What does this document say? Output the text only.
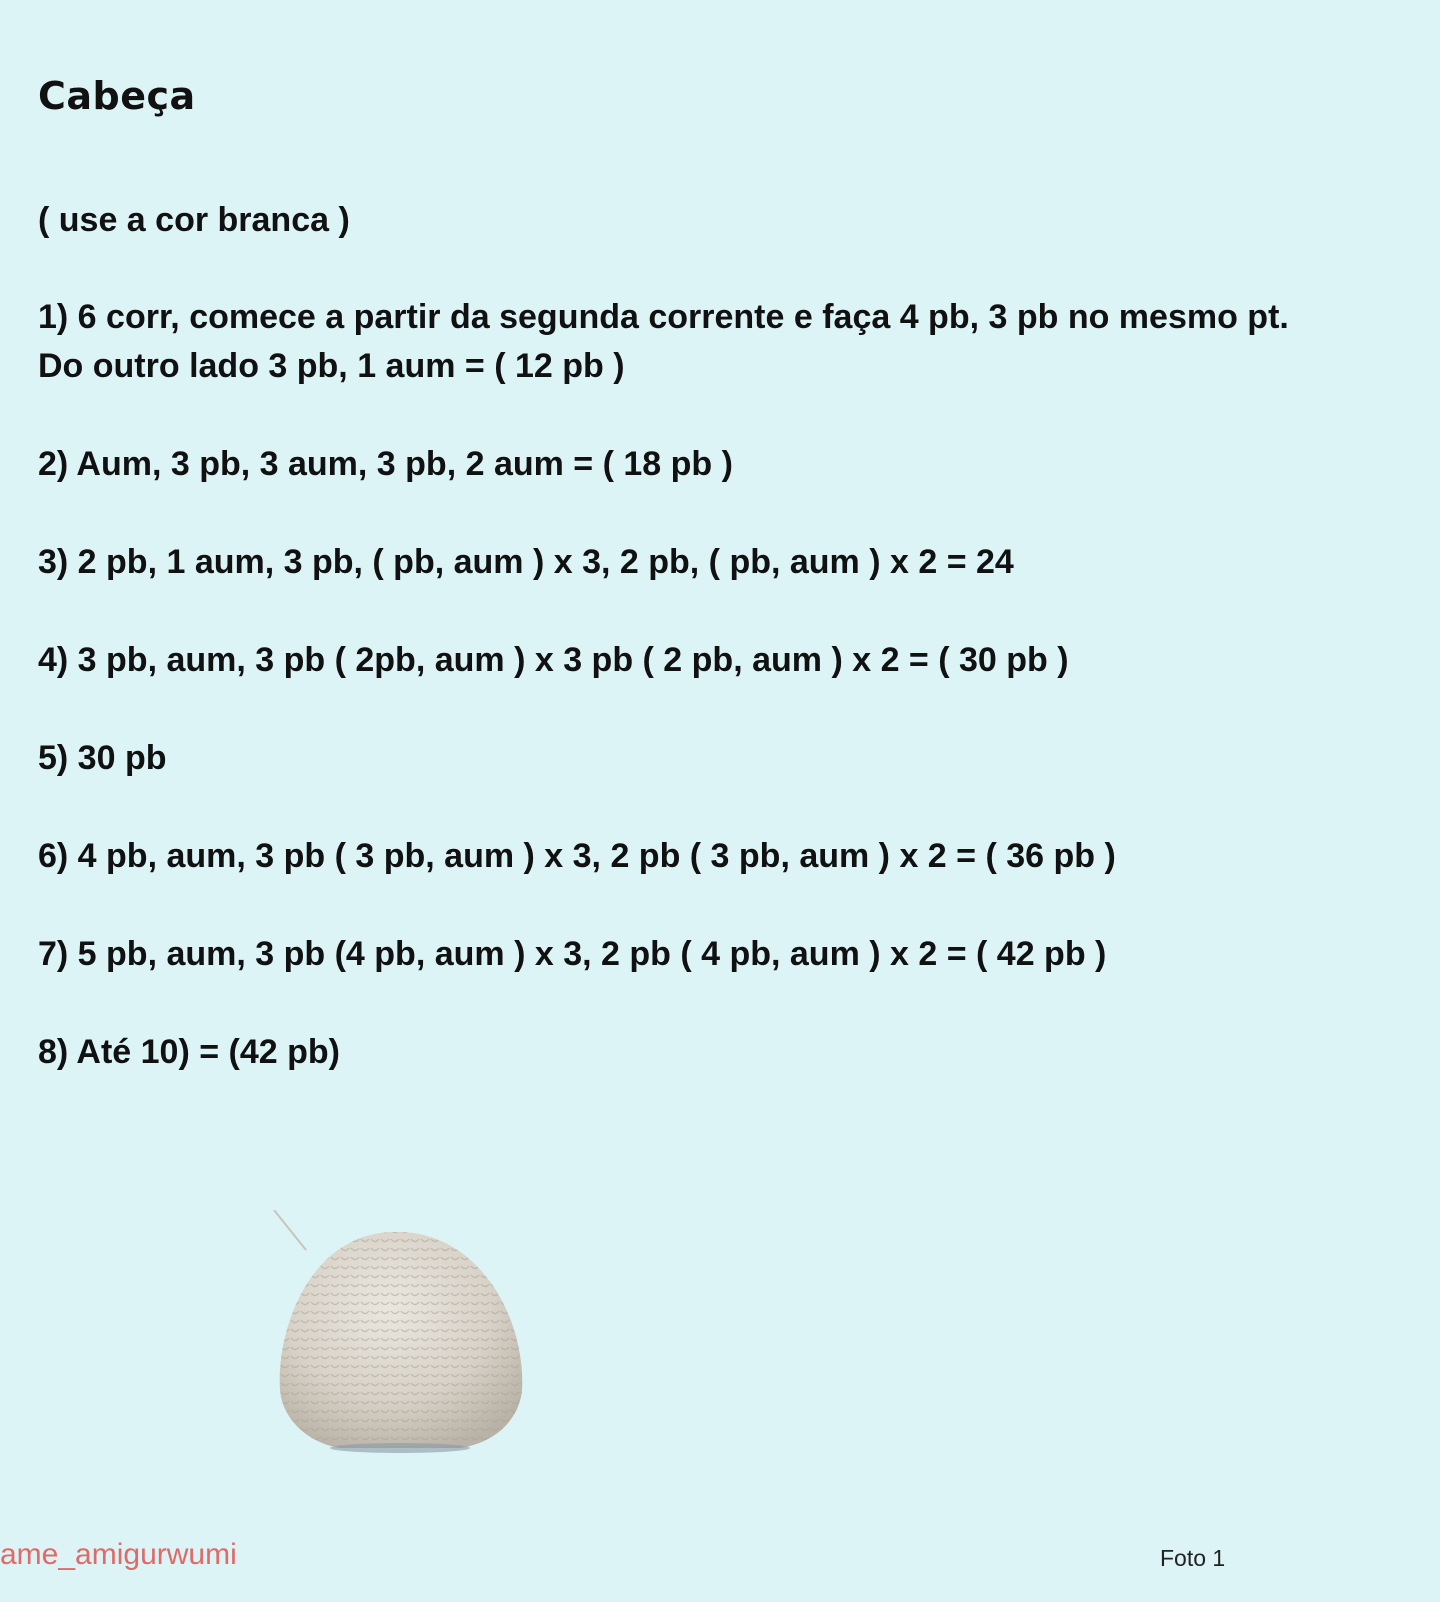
Cabeça

( use a cor branca )

1) 6 corr, comece a partir da segunda corrente e faça 4 pb, 3 pb no mesmo pt.

Do outro lado 3 pb, 1 aum = ( 12 pb )

2) Aum, 3 pb, 3 aum, 3 pb, 2 aum = ( 18 pb )

3) 2 pb, 1 aum, 3 pb, ( pb, aum ) x 3, 2 pb, ( pb, aum ) x 2 = 24

4) 3 pb, aum, 3 pb ( 2pb, aum ) x 3 pb ( 2 pb, aum ) x 2 = ( 30 pb )

5) 30 pb

6) 4 pb, aum, 3 pb ( 3 pb, aum ) x 3, 2 pb ( 3 pb, aum ) x 2 = ( 36 pb )

7) 5 pb, aum, 3 pb (4 pb, aum ) x 3, 2 pb ( 4 pb, aum ) x 2 = ( 42 pb )

8) Até 10) = (42 pb)

ame_amigurwumi	Foto 1
